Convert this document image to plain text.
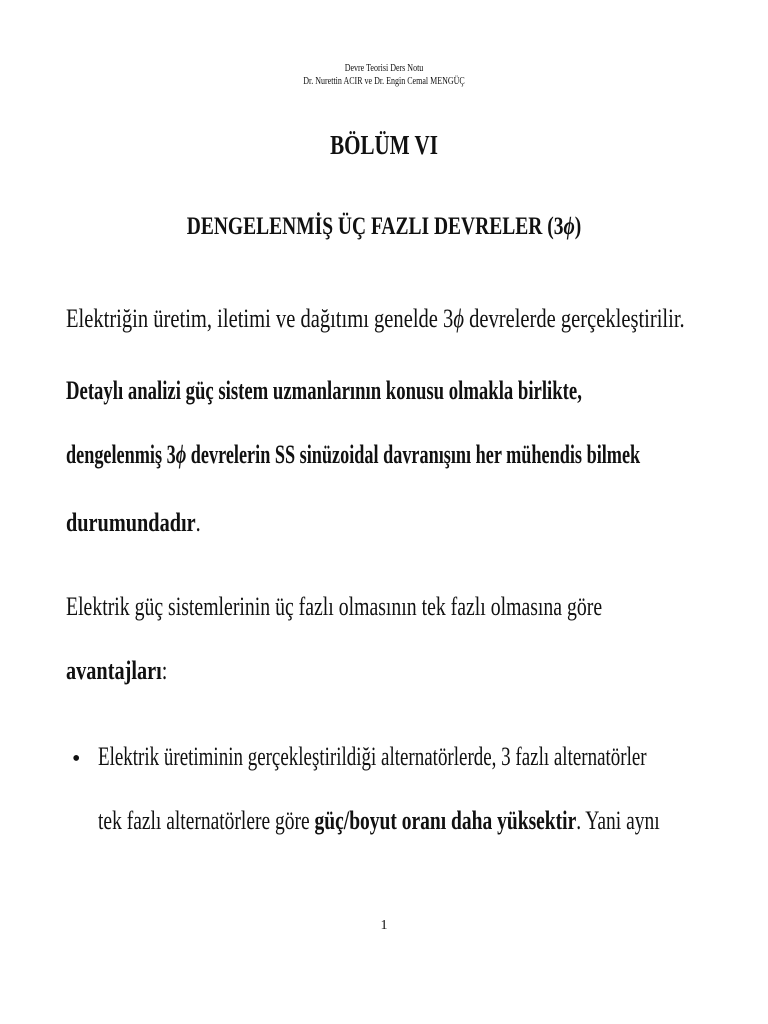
Devre Teorisi Ders Notu
Dr. Nurettin ACIR ve Dr. Engin Cemal MENGÜÇ
BÖLÜM VI
DENGELENMİŞ ÜÇ FAZLI DEVRELER (3ϕ)
Elektriğin üretim, iletimi ve dağıtımı genelde 3ϕ devrelerde gerçekleştirilir.
Detaylı analizi güç sistem uzmanlarının konusu olmakla birlikte,
dengelenmiş 3ϕ devrelerin SS sinüzoidal davranışını her mühendis bilmek
durumundadır.
Elektrik güç sistemlerinin üç fazlı olmasının tek fazlı olmasına göre
avantajları:
• Elektrik üretiminin gerçekleştirildiği alternatörlerde, 3 fazlı alternatörler
tek fazlı alternatörlere göre güç/boyut oranı daha yüksektir. Yani aynı
1
